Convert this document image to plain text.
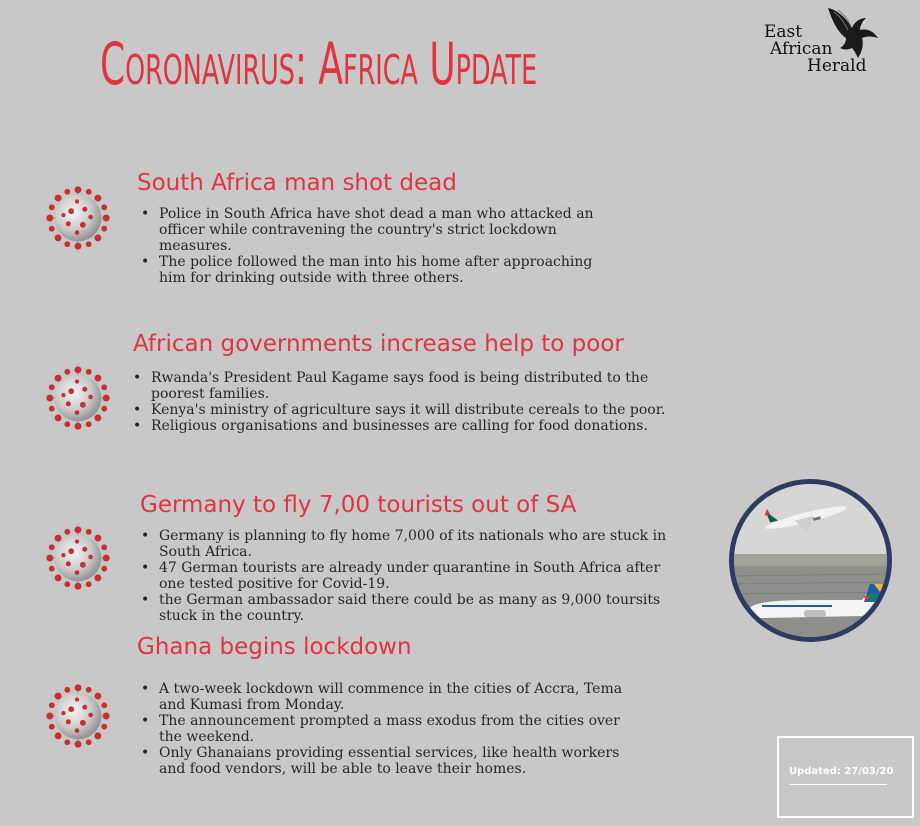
Coronavirus: Africa Update	East
African
Herald
South Africa man shot dead
• Police in South Africa have shot dead a man who attacked an officer while contravening the country's strict lockdown measures.
• The police followed the man into his home after approaching him for drinking outside with three others.
African governments increase help to poor
• Rwanda's President Paul Kagame says food is being distributed to the poorest families.
• Kenya's ministry of agriculture says it will distribute cereals to the poor.
• Religious organisations and businesses are calling for food donations.
Germany to fly 7,00 tourists out of SA
• Germany is planning to fly home 7,000 of its nationals who are stuck in South Africa.
• 47 German tourists are already under quarantine in South Africa after one tested positive for Covid-19.
• the German ambassador said there could be as many as 9,000 toursits stuck in the country.
Ghana begins lockdown
• A two-week lockdown will commence in the cities of Accra, Tema and Kumasi from Monday.
• The announcement prompted a mass exodus from the cities over the weekend.
• Only Ghanaians providing essential services, like health workers and food vendors, will be able to leave their homes.	Updated: 27/03/20
